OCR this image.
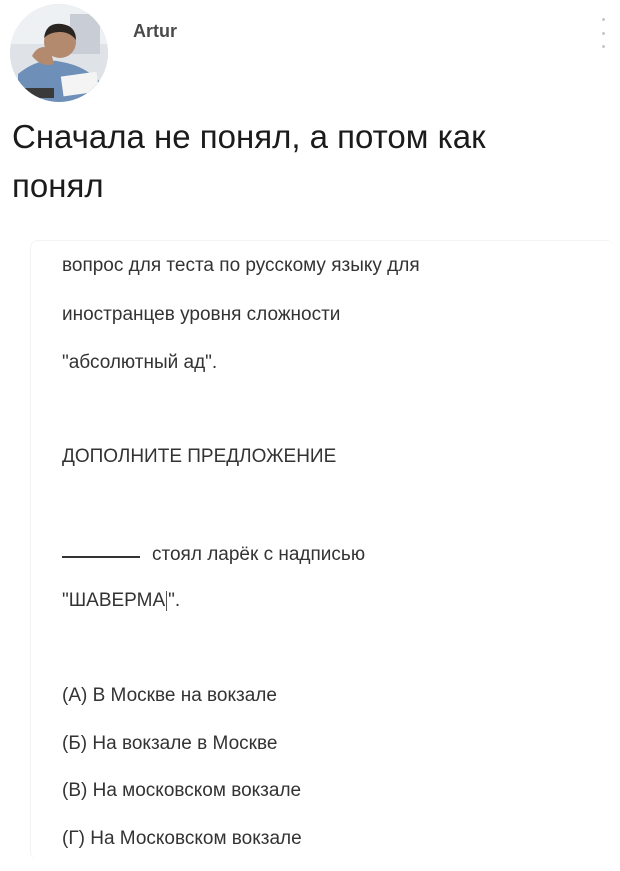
Artur
Сначала не понял, а потом как
понял
вопрос для теста по русскому языку для
иностранцев уровня сложности
"абсолютный ад".
ДОПОЛНИТЕ ПРЕДЛОЖЕНИЕ
стоял ларёк с надписью
"ШАВЕРМА ".
(А) В Москве на вокзале
(Б) На вокзале в Москве
(В) На московском вокзале
(Г) На Московском вокзале
